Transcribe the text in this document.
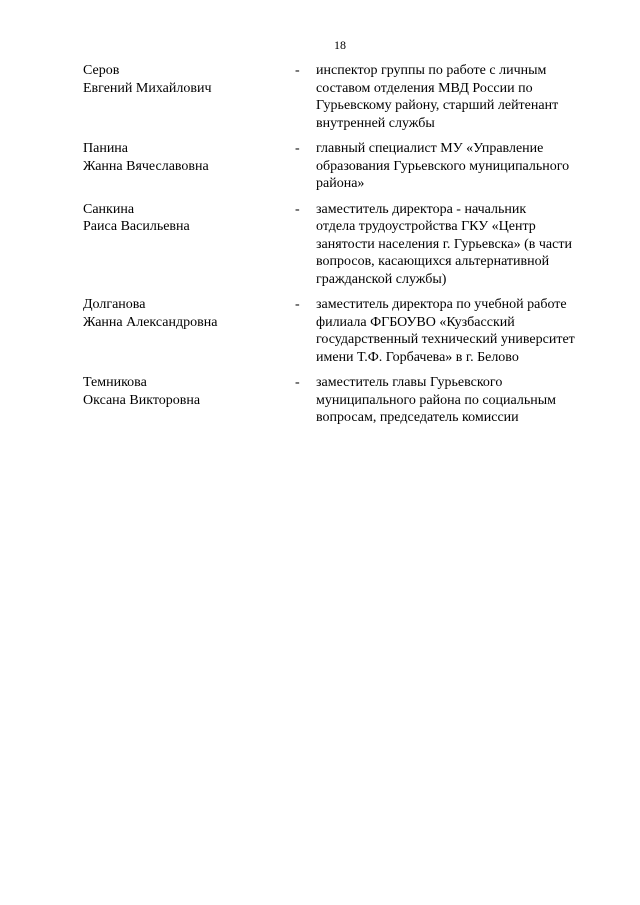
18
Серов
Евгений Михайлович
- инспектор группы по работе с личным
составом отделения МВД России по
Гурьевскому району, старший лейтенант
внутренней службы
Панина
Жанна Вячеславовна
- главный специалист МУ «Управление
образования Гурьевского муниципального
района»
Санкина
Раиса Васильевна
- заместитель директора - начальник
отдела трудоустройства ГКУ «Центр
занятости населения г. Гурьевска» (в части
вопросов, касающихся альтернативной
гражданской службы)
Долганова
Жанна Александровна
- заместитель директора по учебной работе
филиала ФГБОУВО «Кузбасский
государственный технический университет
имени Т.Ф. Горбачева» в г. Белово
Темникова
Оксана Викторовна
- заместитель главы Гурьевского
муниципального района по социальным
вопросам, председатель комиссии
